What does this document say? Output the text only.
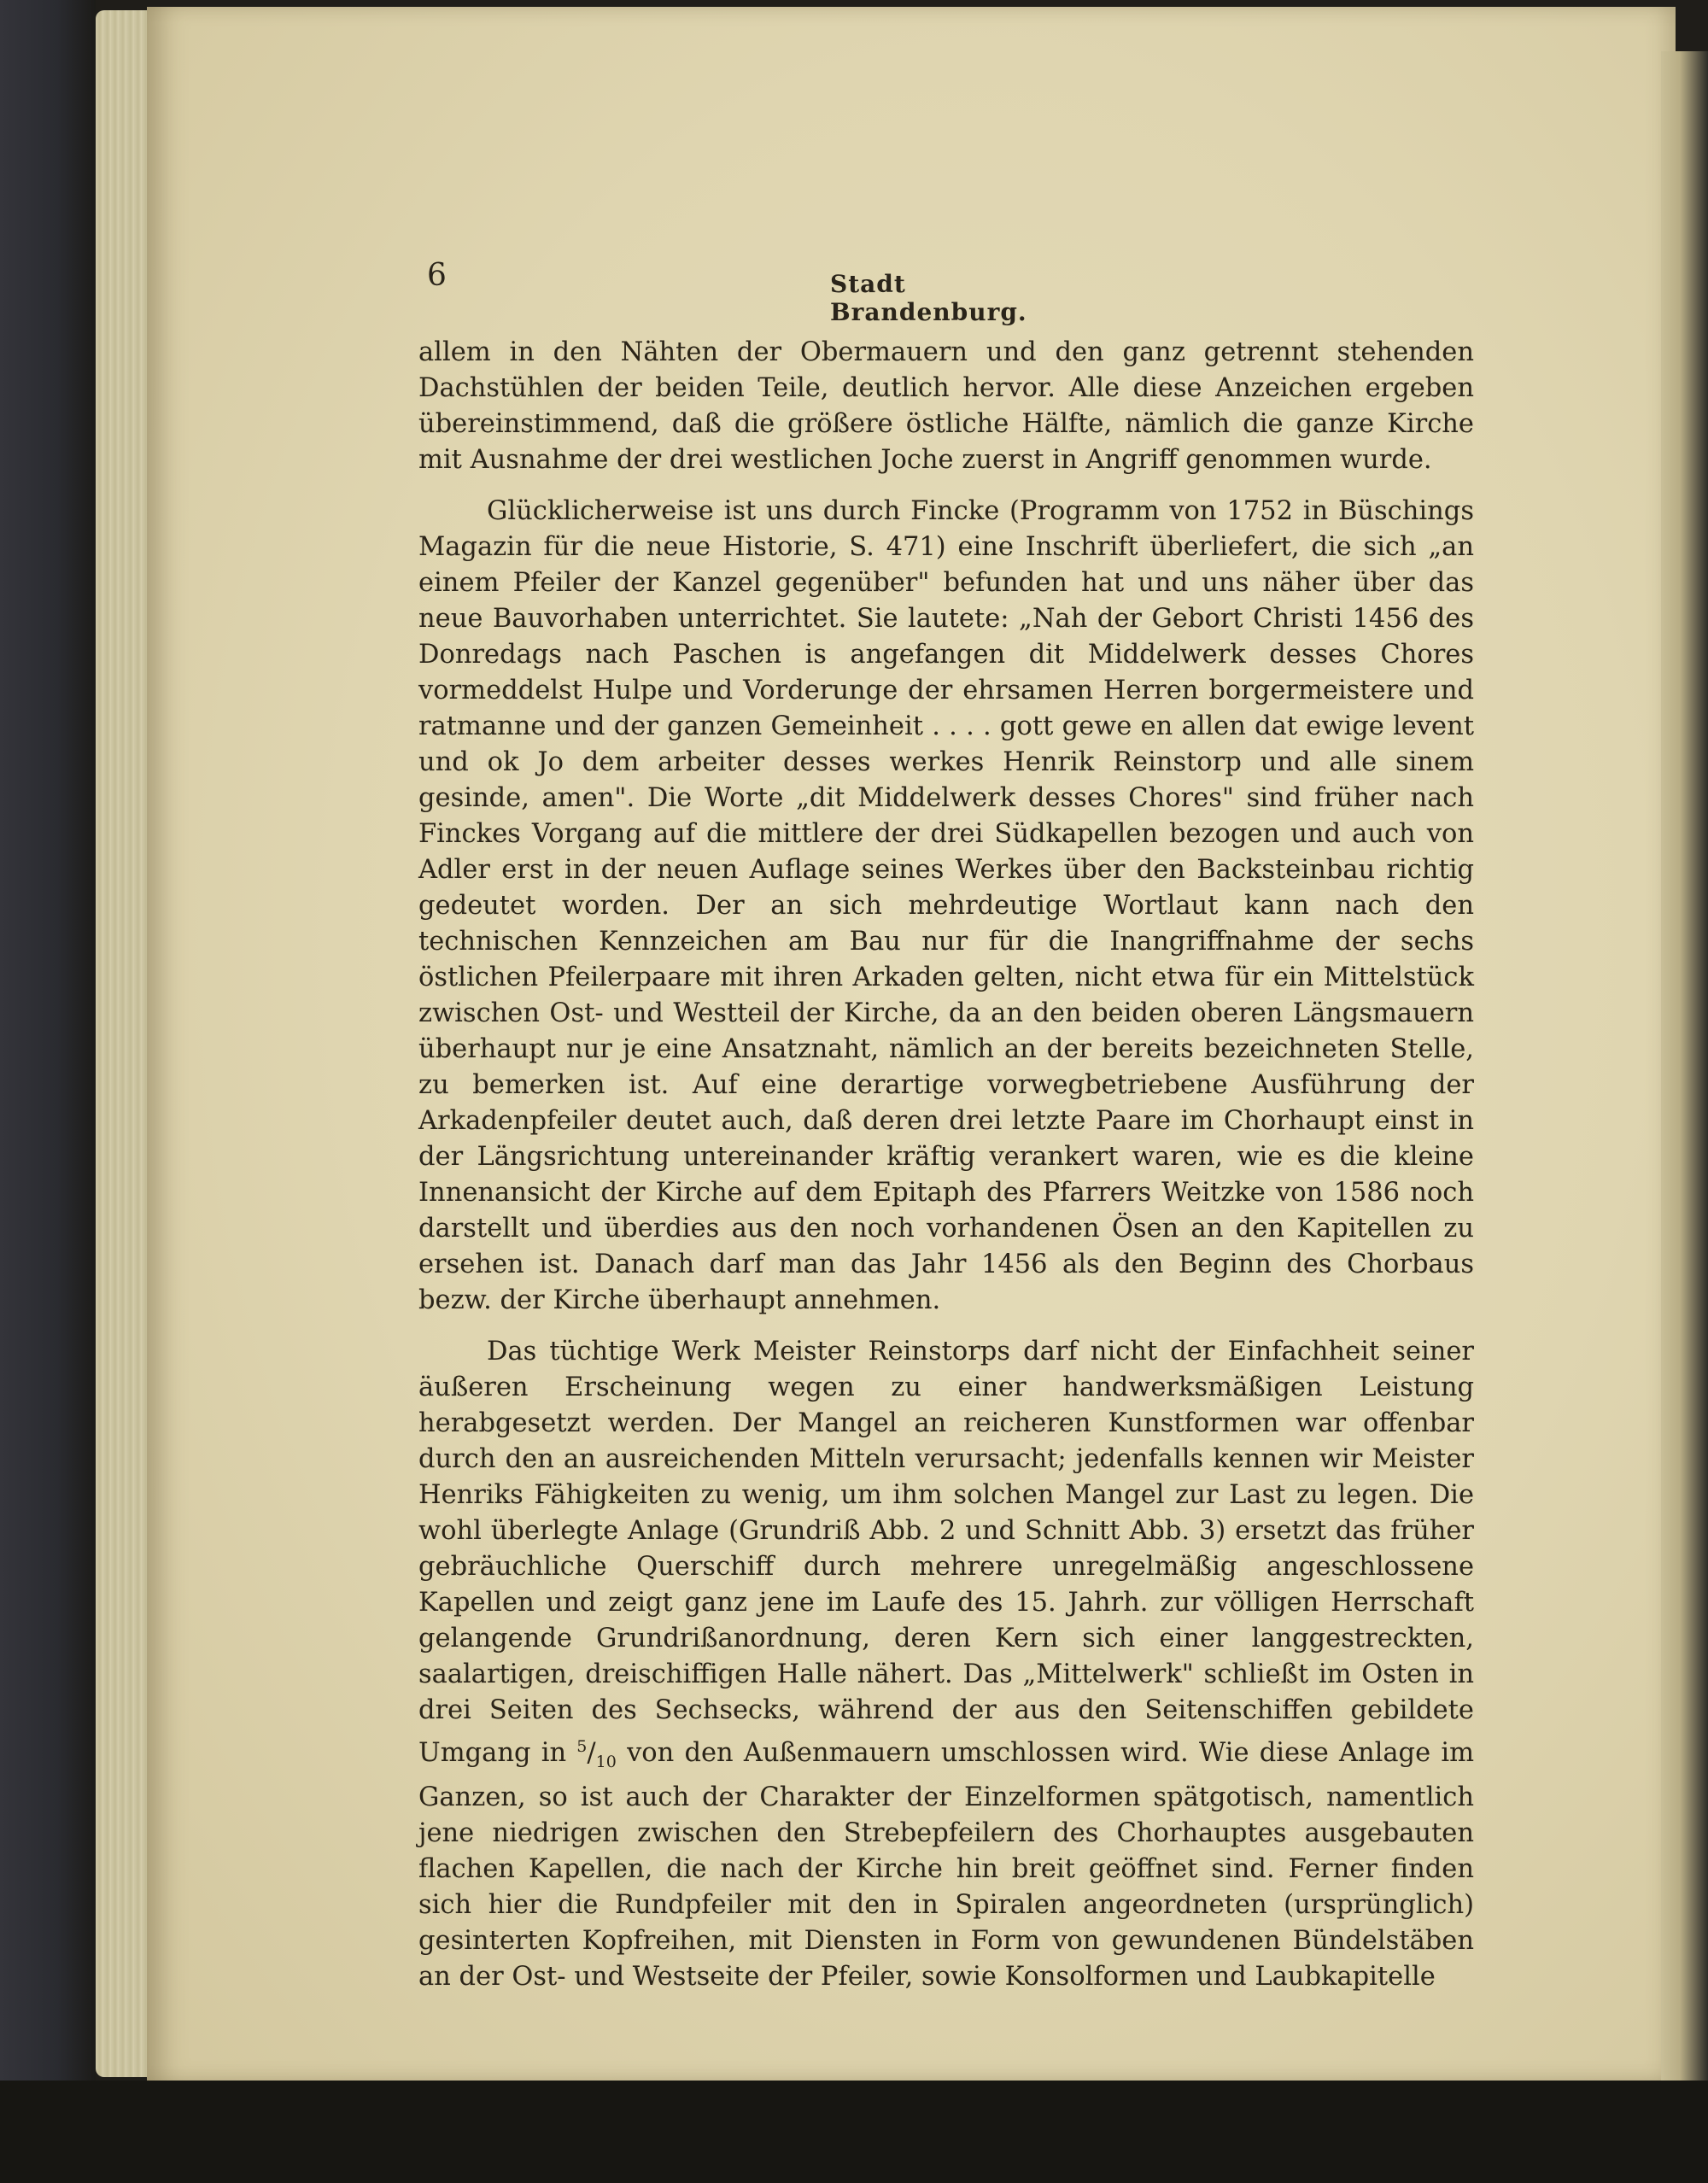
6	Stadt Brandenburg.

allem in den Nähten der Obermauern und den ganz getrennt stehenden Dachstühlen der beiden Teile, deutlich hervor. Alle diese Anzeichen ergeben übereinstimmend, daß die größere östliche Hälfte, nämlich die ganze Kirche mit Ausnahme der drei westlichen Joche zuerst in Angriff genommen wurde.

Glücklicherweise ist uns durch Fincke (Programm von 1752 in Büschings Magazin für die neue Historie, S. 471) eine Inschrift überliefert, die sich „an einem Pfeiler der Kanzel gegenüber" befunden hat und uns näher über das neue Bauvorhaben unterrichtet. Sie lautete: „Nah der Gebort Christi 1456 des Donredags nach Paschen is angefangen dit Middelwerk desses Chores vormeddelst Hulpe und Vorderunge der ehrsamen Herren borgermeistere und ratmanne und der ganzen Gemeinheit . . . . gott gewe en allen dat ewige levent und ok Jo dem arbeiter desses werkes Henrik Reinstorp und alle sinem gesinde, amen". Die Worte „dit Middelwerk desses Chores" sind früher nach Finckes Vorgang auf die mittlere der drei Südkapellen bezogen und auch von Adler erst in der neuen Auflage seines Werkes über den Backsteinbau richtig gedeutet worden. Der an sich mehrdeutige Wortlaut kann nach den technischen Kennzeichen am Bau nur für die Inangriffnahme der sechs östlichen Pfeilerpaare mit ihren Arkaden gelten, nicht etwa für ein Mittelstück zwischen Ost- und Westteil der Kirche, da an den beiden oberen Längsmauern überhaupt nur je eine Ansatznaht, nämlich an der bereits bezeichneten Stelle, zu bemerken ist. Auf eine derartige vorwegbetriebene Ausführung der Arkadenpfeiler deutet auch, daß deren drei letzte Paare im Chorhaupt einst in der Längsrichtung untereinander kräftig verankert waren, wie es die kleine Innenansicht der Kirche auf dem Epitaph des Pfarrers Weitzke von 1586 noch darstellt und überdies aus den noch vorhandenen Ösen an den Kapitellen zu ersehen ist. Danach darf man das Jahr 1456 als den Beginn des Chorbaus bezw. der Kirche überhaupt annehmen.

Das tüchtige Werk Meister Reinstorps darf nicht der Einfachheit seiner äußeren Erscheinung wegen zu einer handwerksmäßigen Leistung herabgesetzt werden. Der Mangel an reicheren Kunstformen war offenbar durch den an ausreichenden Mitteln verursacht; jedenfalls kennen wir Meister Henriks Fähigkeiten zu wenig, um ihm solchen Mangel zur Last zu legen. Die wohl überlegte Anlage (Grundriß Abb. 2 und Schnitt Abb. 3) ersetzt das früher gebräuchliche Querschiff durch mehrere unregelmäßig angeschlossene Kapellen und zeigt ganz jene im Laufe des 15. Jahrh. zur völligen Herrschaft gelangende Grundrißanordnung, deren Kern sich einer langgestreckten, saalartigen, dreischiffigen Halle nähert. Das „Mittelwerk" schließt im Osten in drei Seiten des Sechsecks, während der aus den Seitenschiffen gebildete Umgang in $^5/_{10}$ von den Außenmauern umschlossen wird. Wie diese Anlage im Ganzen, so ist auch der Charakter der Einzelformen spätgotisch, namentlich jene niedrigen zwischen den Strebepfeilern des Chorhauptes ausgebauten flachen Kapellen, die nach der Kirche hin breit geöffnet sind. Ferner finden sich hier die Rundpfeiler mit den in Spiralen angeordneten (ursprünglich) gesinterten Kopfreihen, mit Diensten in Form von gewundenen Bündelstäben an der Ost- und Westseite der Pfeiler, sowie Konsolformen und Laubkapitelle
